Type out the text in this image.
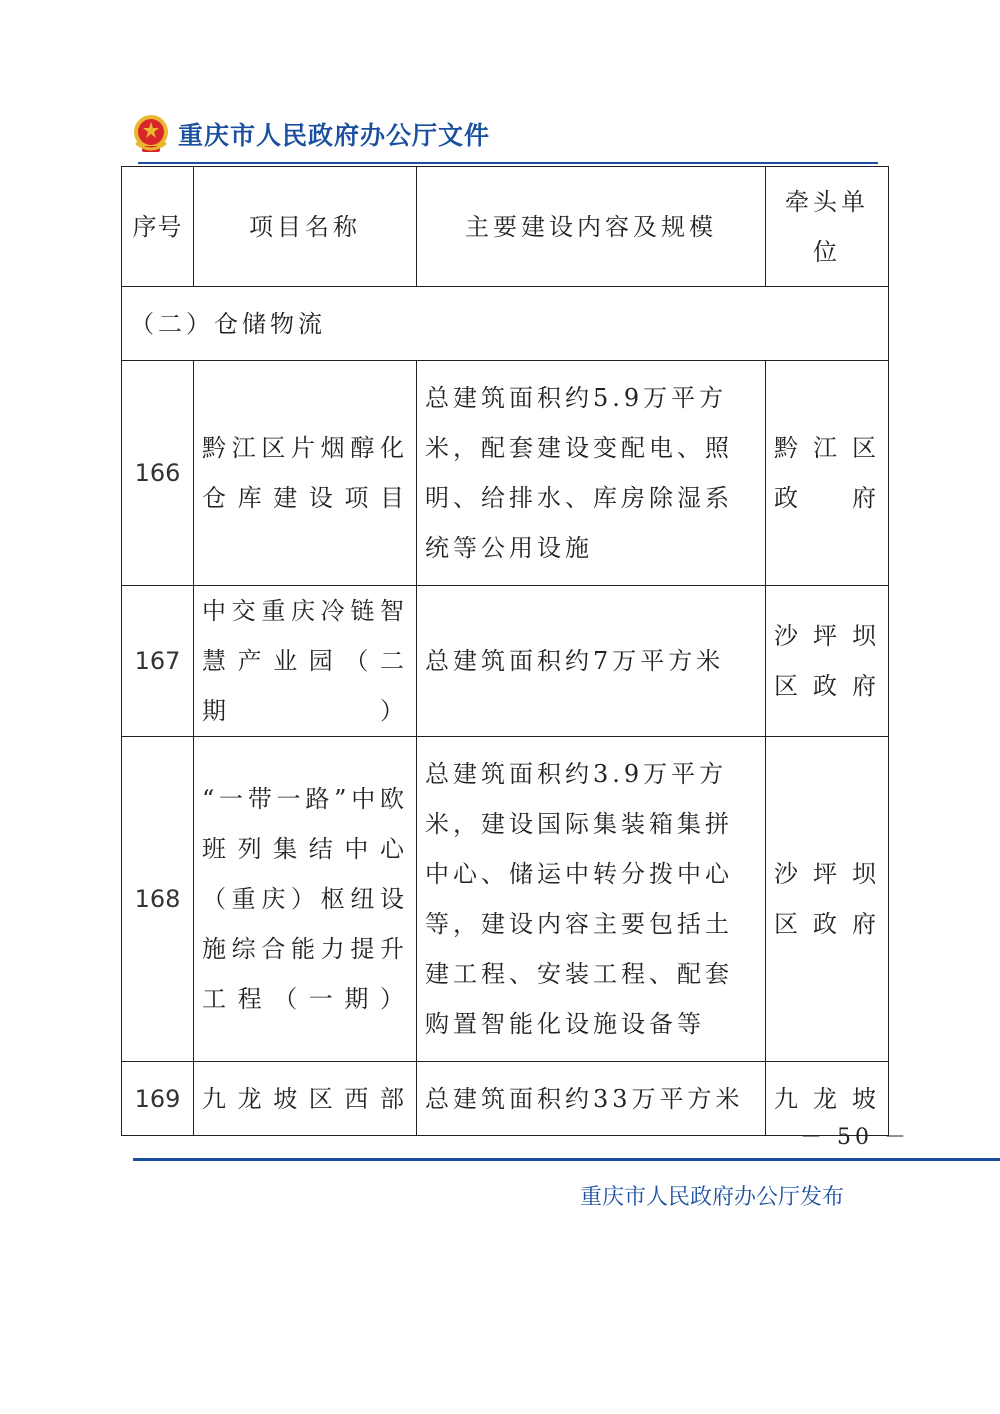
重庆市人民政府办公厅文件
序号	项目名称	主要建设内容及规模	牵头单位
（二）仓储物流			
166	黔江区片烟醇化仓库建设项目	总建筑面积约5.9万平方米，配套建设变配电、照明、给排水、库房除湿系统等公用设施	黔江区政府
167	中交重庆冷链智慧产业园（二期）	总建筑面积约7万平方米	沙坪坝区政府
168	“一带一路”中欧班列集结中心（重庆）枢纽设施综合能力提升工程（一期）	总建筑面积约3.9万平方米，建设国际集装箱集拼中心、储运中转分拨中心等，建设内容主要包括土建工程、安装工程、配套购置智能化设施设备等	沙坪坝区政府
169	九龙坡区西部	总建筑面积约33万平方米	九龙坡
－ 50 －
重庆市人民政府办公厅发布
